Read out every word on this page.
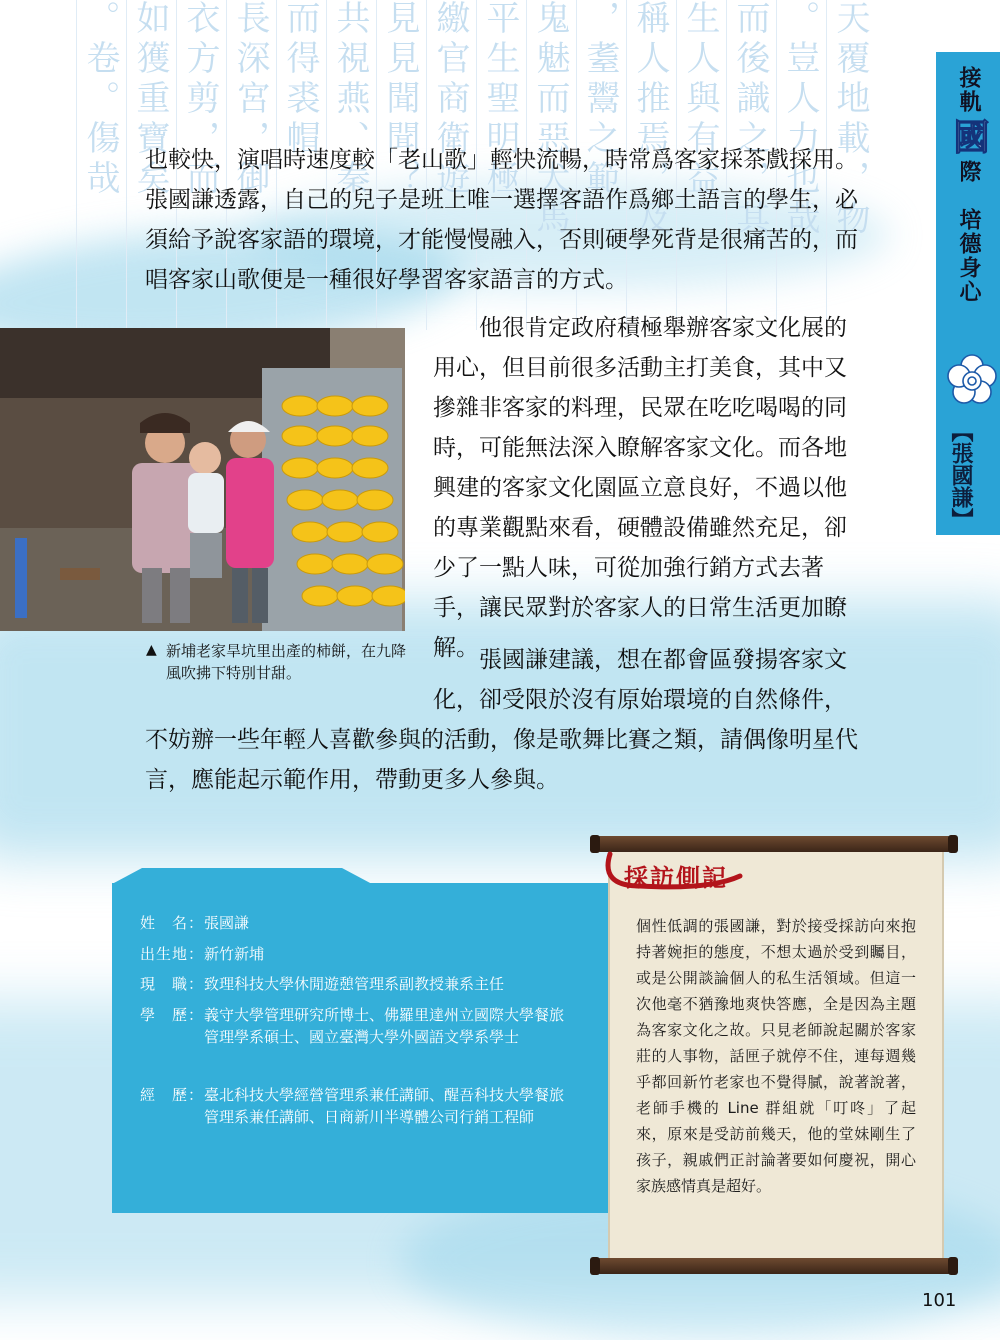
天覆地載，物
。豈人力也哉
而後識之，其
生人與有益
稱人推焉，及
，耋鬻之範
鬼魅而惡犬馬
平生聖明極
繳官商衛遊
見見聞聞？
共視燕、秦
而得裘帽
長深宮，御
衣方剪，而
如獲重寶矣
。卷。傷哉	接軌國際　培德身心
【張國謙】
也較快，演唱時速度較「老山歌」輕快流暢，時常爲客家採茶戲採用。張國謙透露，自己的兒子是班上唯一選擇客語作爲鄉土語言的學生，必須給予說客家語的環境，才能慢慢融入，否則硬學死背是很痛苦的，而唱客家山歌便是一種很好學習客家語言的方式。
他很肯定政府積極舉辦客家文化展的用心，但目前很多活動主打美食，其中又摻雜非客家的料理，民眾在吃吃喝喝的同時，可能無法深入瞭解客家文化。而各地興建的客家文化園區立意良好，不過以他的專業觀點來看，硬體設備雖然充足，卻少了一點人味，可從加強行銷方式去著手，讓民眾對於客家人的日常生活更加瞭解。 張國謙建議，想在都會區發揚客家文化，卻受限於沒有原始環境的自然條件，
不妨辦一些年輕人喜歡參與的活動，像是歌舞比賽之類，請偶像明星代言，應能起示範作用，帶動更多人參與。
▲ 新埔老家旱坑里出產的柿餅，在九降風吹拂下特別甘甜。
姓　名： 張國謙
出生地： 新竹新埔
現　職： 致理科技大學休閒遊憩管理系副教授兼系主任
學　歷： 義守大學管理研究所博士、佛羅里達州立國際大學餐旅管理學系碩士、國立臺灣大學外國語文學系學士
經　歷： 臺北科技大學經營管理系兼任講師、醒吾科技大學餐旅管理系兼任講師、日商新川半導體公司行銷工程師
採訪側記
個性低調的張國謙，對於接受採訪向來抱持著婉拒的態度，不想太過於受到矚目，或是公開談論個人的私生活領域。但這一次他毫不猶豫地爽快答應，全是因為主題為客家文化之故。只見老師說起關於客家莊的人事物，話匣子就停不住，連每週幾乎都回新竹老家也不覺得膩，說著說著，老師手機的 Line 群組就「叮咚」了起來，原來是受訪前幾天，他的堂妹剛生了孩子，親戚們正討論著要如何慶祝，開心家族感情真是超好。
101
